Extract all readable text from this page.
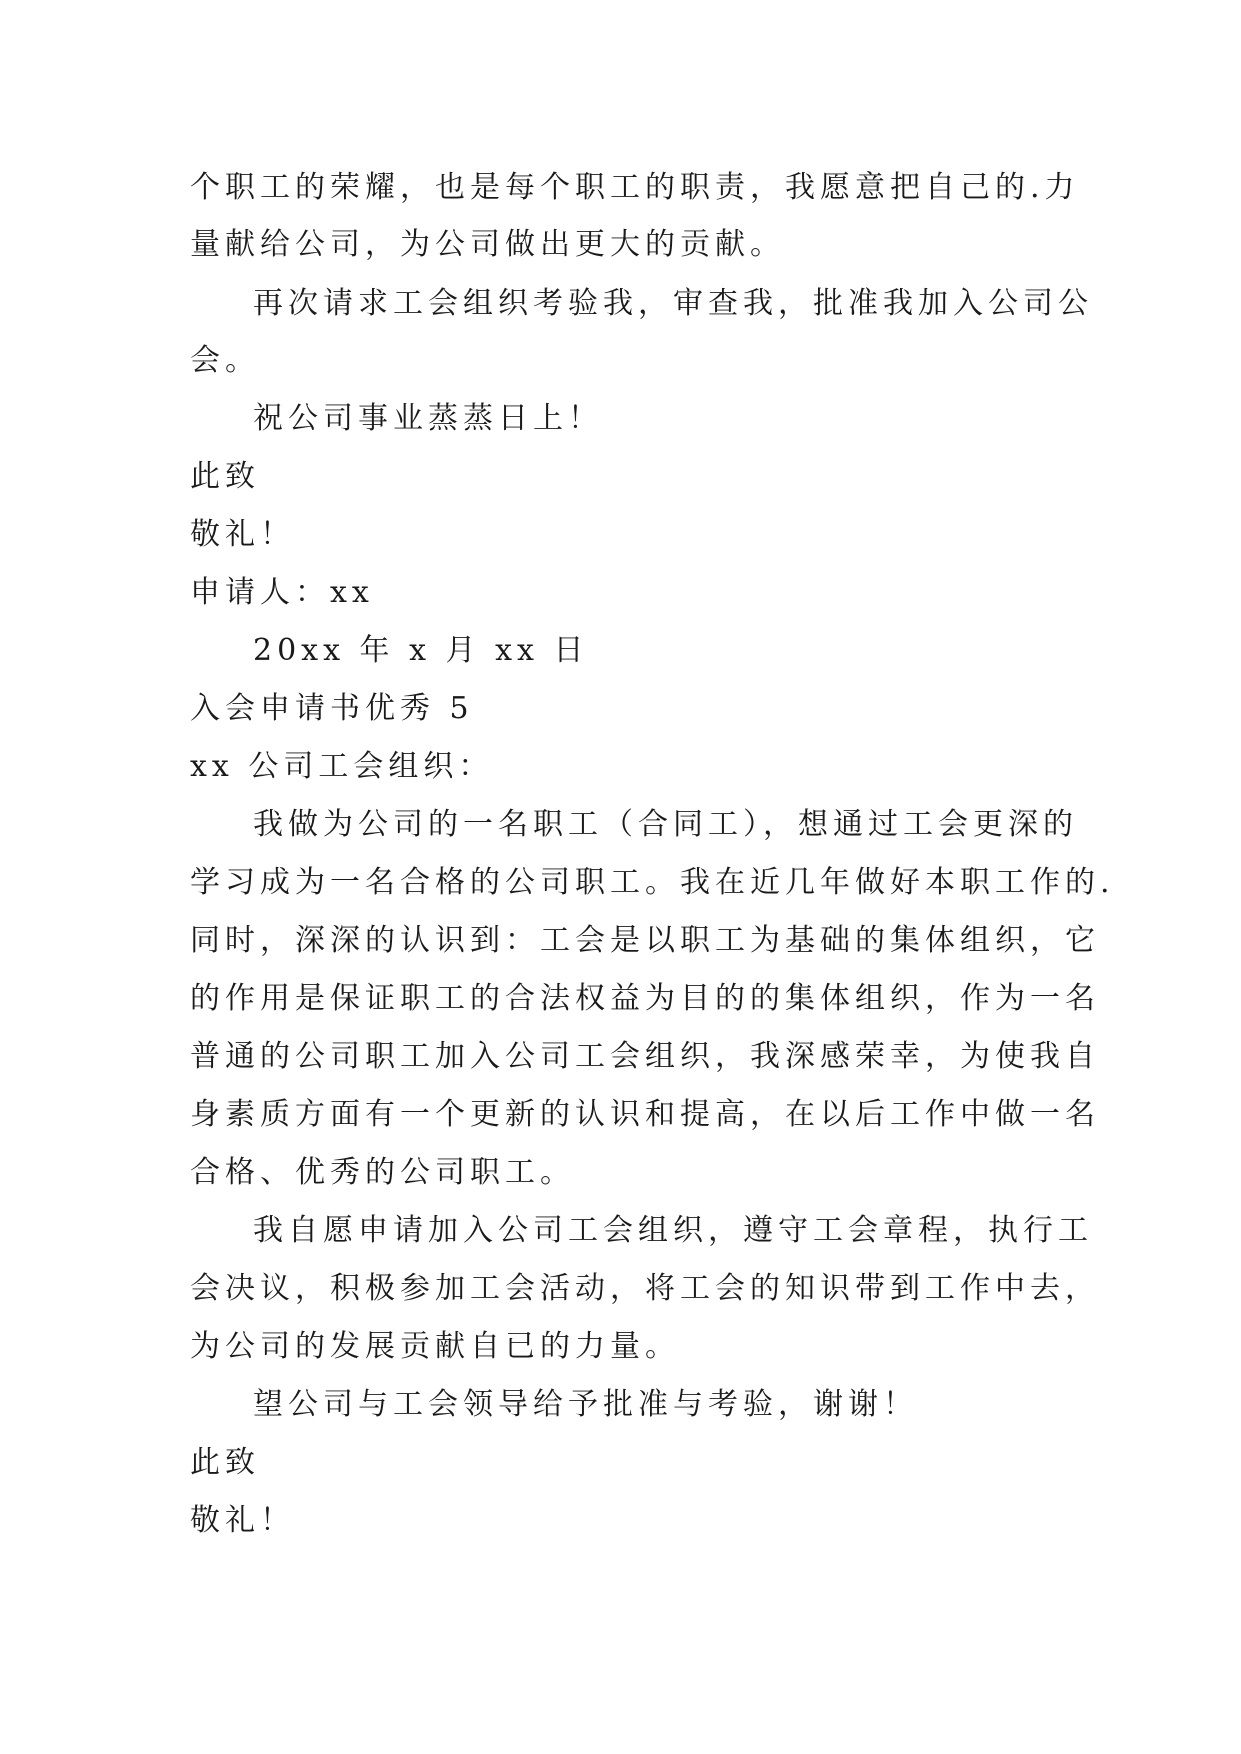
个职工的荣耀，也是每个职工的职责，我愿意把自己的.力
量献给公司，为公司做出更大的贡献。
再次请求工会组织考验我，审查我，批准我加入公司公
会。
祝公司事业蒸蒸日上！
此致
敬礼！
申请人：xx
20xx 年 x 月 xx 日
入会申请书优秀 5
xx 公司工会组织：
我做为公司的一名职工（合同工），想通过工会更深的
学习成为一名合格的公司职工。我在近几年做好本职工作的.
同时，深深的认识到：工会是以职工为基础的集体组织，它
的作用是保证职工的合法权益为目的的集体组织，作为一名
普通的公司职工加入公司工会组织，我深感荣幸，为使我自
身素质方面有一个更新的认识和提高，在以后工作中做一名
合格、优秀的公司职工。
我自愿申请加入公司工会组织，遵守工会章程，执行工
会决议，积极参加工会活动，将工会的知识带到工作中去，
为公司的发展贡献自已的力量。
望公司与工会领导给予批准与考验，谢谢！
此致
敬礼！
